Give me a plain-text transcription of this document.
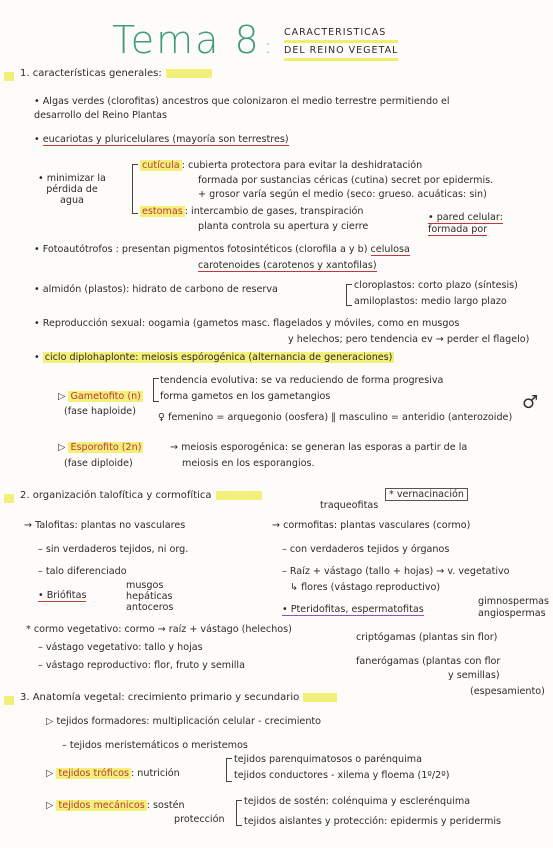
Tema 8 :
CARACTERISTICAS
DEL REINO VEGETAL
1. características generales:
• Algas verdes (clorofitas) ancestros que colonizaron el medio terrestre permitiendo el
desarrollo del Reino Plantas
• eucariotas y pluricelulares (mayoría son terrestres)
• minimizar la
pérdida de
agua
cutícula : cubierta protectora para evitar la deshidratación
formada por sustancias céricas (cutina) secret por epidermis.
+ grosor varía según el medio (seco: grueso. acuáticas: sin)
estomas : intercambio de gases, transpiración
planta controla su apertura y cierre
• pared celular:
formada por
• Fotoautótrofos : presentan pigmentos fotosintéticos (clorofila a y b) celulosa
carotenoides (carotenos y xantofilas)
• almidón (plastos): hidrato de carbono de reserva	cloroplastos: corto plazo (síntesis)
amiloplastos: medio largo plazo
• Reproducción sexual: oogamia (gametos masc. flagelados y móviles, como en musgos
y helechos; pero tendencia ev → perder el flagelo)
• ciclo diplohaplonte: meiosis espórogénica (alternancia de generaciones)
tendencia evolutiva: se va reduciendo de forma progresiva
▷ Gametofito (n) forma gametos en los gametangios
(fase haploide)
♀ femenino = arquegonio (oosfera) ‖ masculino = anteridio (anterozoide)
♂
▷ Esporofito (2n)	→ meiosis esporogénica: se generan las esporas a partir de la
(fase diploide)	meiosis en los esporangios.
2. organización talofítica y cormofítica	* vernacinación
traqueofitas
→ Talofitas: plantas no vasculares
– sin verdaderos tejidos, ni org.
– talo diferenciado
• Briófitas
musgos
hepáticas
antoceros
* cormo vegetativo: cormo → raíz + vástago (helechos)
– vástago vegetativo: tallo y hojas
– vástago reproductivo: flor, fruto y semilla
→ cormofitas: plantas vasculares (cormo)
– con verdaderos tejidos y órganos
– Raíz + vástago (tallo + hojas) → v. vegetativo
↳ flores (vástago reproductivo)
• Pteridofitas, espermatofitas
gimnospermas
angiospermas
criptógamas (plantas sin flor)
fanerógamas (plantas con flor
y semillas)
3. Anatomía vegetal: crecimiento primario y secundario
(espesamiento)
▷ tejidos formadores: multiplicación celular - crecimiento
– tejidos meristemáticos o meristemos
▷ tejidos tróficos : nutrición
tejidos parenquimatosos o parénquima
tejidos conductores - xilema y floema (1º/2º)
▷ tejidos mecánicos : sostén
protección
tejidos de sostén: colénquima y esclerénquima
tejidos aislantes y protección: epidermis y peridermis
